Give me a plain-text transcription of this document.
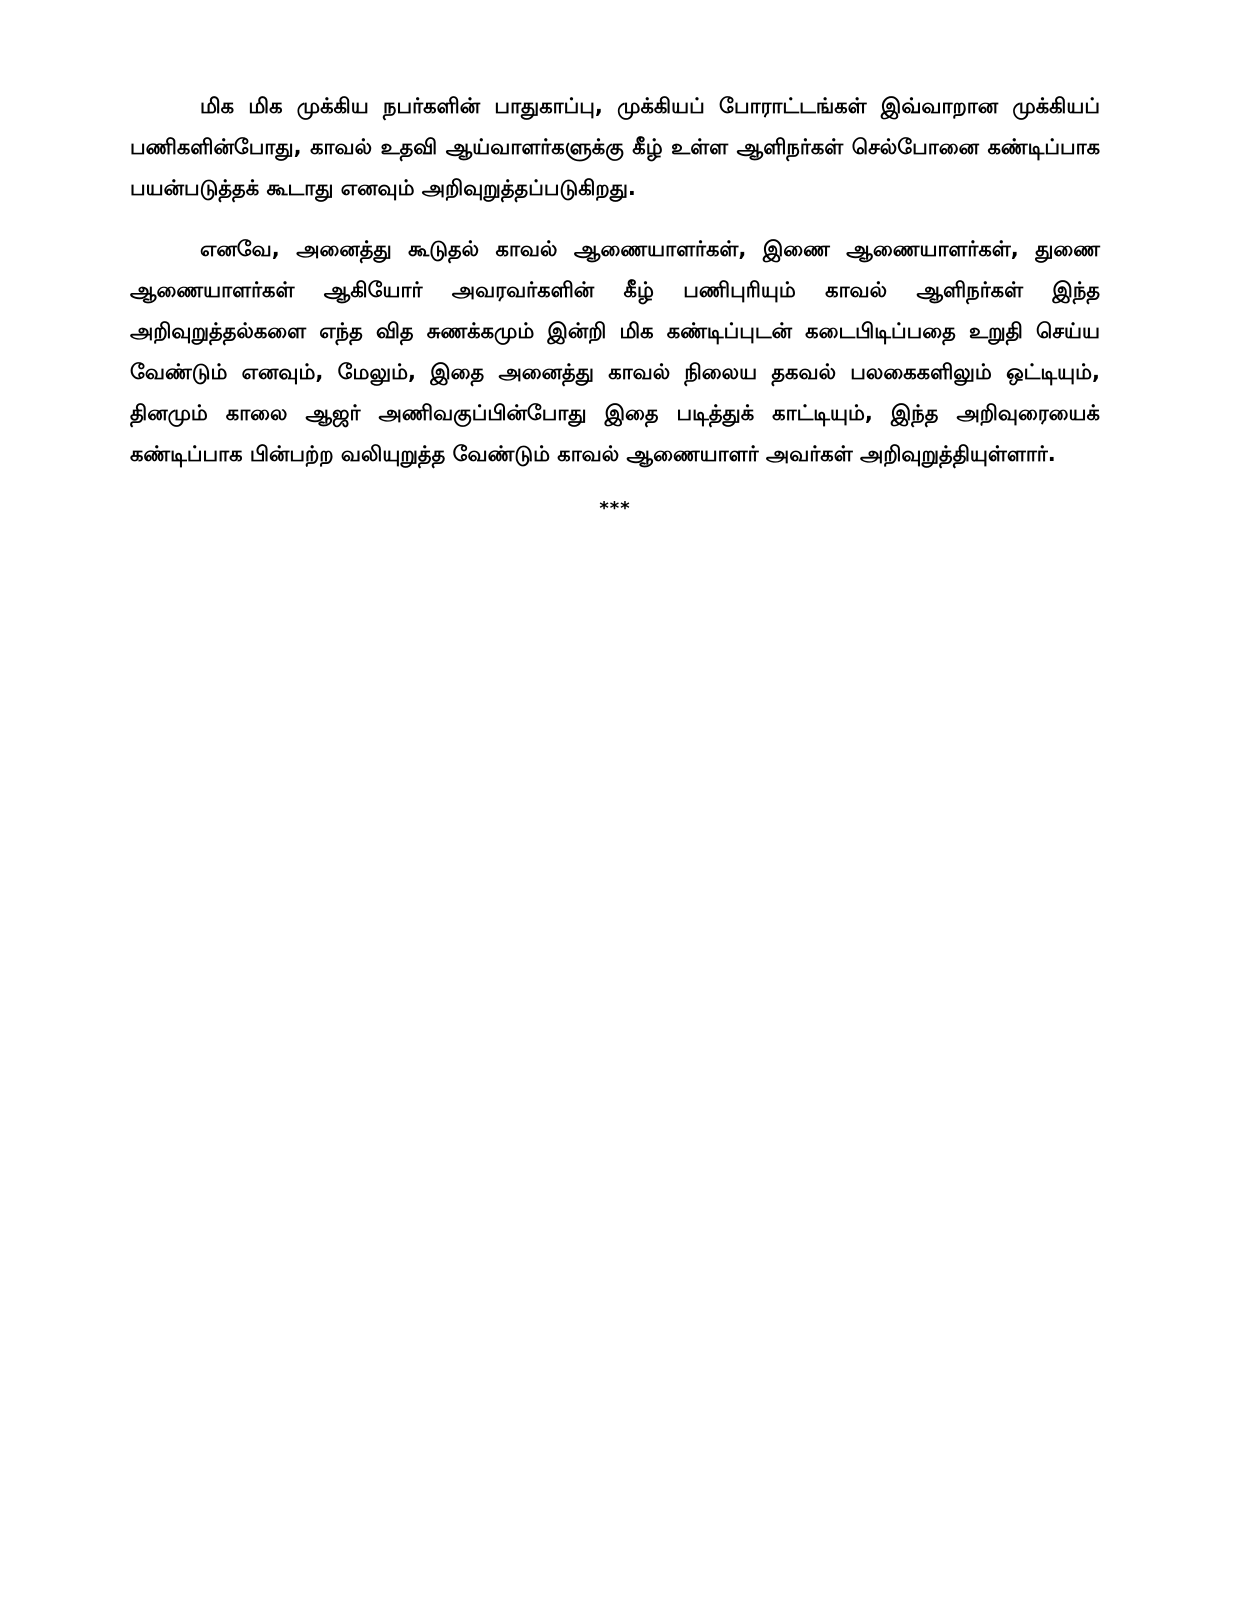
மிக மிக முக்கிய நபர்களின் பாதுகாப்பு, முக்கியப் போராட்டங்கள் இவ்வாறான முக்கியப் பணிகளின்போது, காவல் உதவி ஆய்வாளர்களுக்கு கீழ் உள்ள ஆளிநர்கள் செல்போனை கண்டிப்பாக பயன்படுத்தக் கூடாது எனவும் அறிவுறுத்தப்படுகிறது.

எனவே, அனைத்து கூடுதல் காவல் ஆணையாளர்கள், இணை ஆணையாளர்கள், துணை ஆணையாளர்கள் ஆகியோர் அவரவர்களின் கீழ் பணிபுரியும் காவல் ஆளிநர்கள் இந்த அறிவுறுத்தல்களை எந்த வித சுணக்கமும் இன்றி மிக கண்டிப்புடன் கடைபிடிப்பதை உறுதி செய்ய வேண்டும் எனவும், மேலும், இதை அனைத்து காவல் நிலைய தகவல் பலகைகளிலும் ஒட்டியும், தினமும் காலை ஆஜர் அணிவகுப்பின்போது இதை படித்துக் காட்டியும், இந்த அறிவுரையைக் கண்டிப்பாக பின்பற்ற வலியுறுத்த வேண்டும் காவல் ஆணையாளர் அவர்கள் அறிவுறுத்தியுள்ளார்.

***
